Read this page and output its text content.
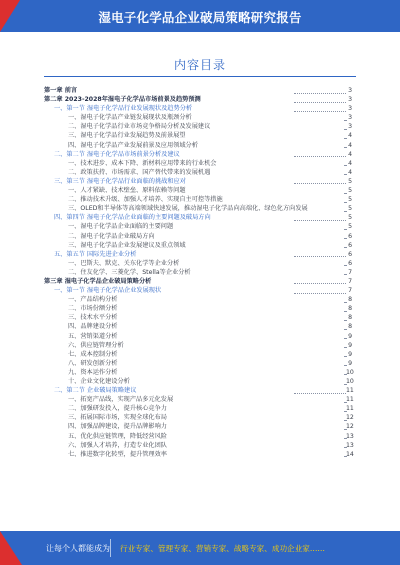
湿电子化学品企业破局策略研究报告
内容目录
第一章 前言	3
第二章 2023-2028年湿电子化学品市场前景及趋势预测	3
一、第一节 湿电子化学品行业发展现状及趋势分析	3
一、湿电子化学品产业链发展现状及瓶颈分析	3
二、湿电子化学品行业市场竞争格局分析及发展建议	3
三、湿电子化学品行业发展趋势及前景展望	4
四、湿电子化学品产业发展前景及应用领域分析	4
二、第二节 湿电子化学品市场前景分析及建议	4
一、技术进步、成本下降、新材料应用带来的行业机会	4
二、政策扶持、市场需求、国产替代带来的发展机遇	4
三、第三节 湿电子化学品行业面临的挑战和应对	5
一、人才紧缺、技术壁垒、原料依赖等问题	5
二、推动技术升级、加强人才培养、实现自主可控等措施	5
三、OLED和半导体等高端领域快速发展，推动湿电子化学品向高端化、绿色化方向发展	5
四、第四节 湿电子化学品企业面临的主要问题及破局方向	5
一、湿电子化学品企业面临的主要问题	5
二、湿电子化学品企业破局方向	6
三、湿电子化学品企业发展建议及重点领域	6
五、第五节 国际先进企业分析	6
一、巴斯夫、默克、关东化学等企业分析	6
二、住友化学、三菱化学、Stella等企业分析	7
第三章 湿电子化学品企业破局策略分析	7
一、第一节 湿电子化学品企业发展现状	7
一、产品结构分析	8
二、市场份额分析	8
三、技术水平分析	8
四、品牌建设分析	8
五、营销渠道分析	9
六、供应链管理分析	9
七、成本控制分析	9
八、研发创新分析	9
九、资本运作分析	10
十、企业文化建设分析	10
二、第二节 企业破局策略建议	11
一、拓宽产品线，实现产品多元化发展	11
二、加强研发投入，提升核心竞争力	11
三、拓展国际市场，实现全球化布局	12
四、加强品牌建设，提升品牌影响力	12
五、优化供应链管理，降低经营风险	13
六、加强人才培养，打造专业化团队	13
七、推进数字化转型，提升管理效率	14
让每个人都能成为 行业专家、管理专家、营销专家、战略专家、成功企业家……
